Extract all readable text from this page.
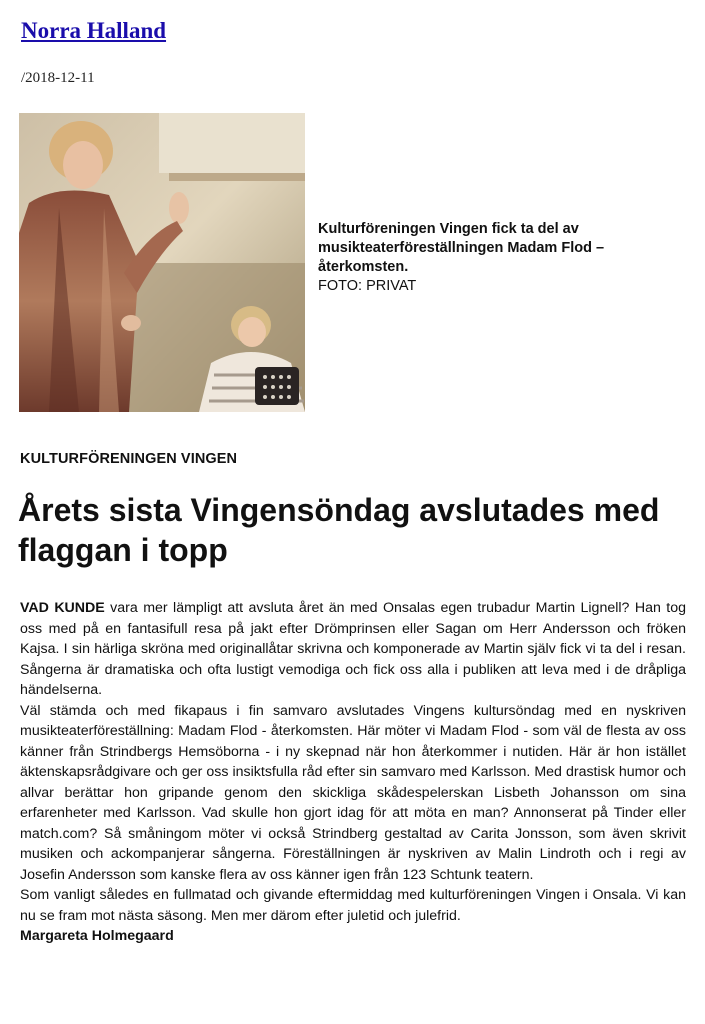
Norra Halland
/2018-12-11
Kulturföreningen Vingen fick ta del av musikteaterföreställningen Madam Flod – återkomsten.
FOTO: PRIVAT
KULTURFÖRENINGEN VINGEN
Årets sista Vingensöndag avslutades med flaggan i topp

VAD KUNDE vara mer lämpligt att avsluta året än med Onsalas egen trubadur Martin Lignell? Han tog oss med på en fantasifull resa på jakt efter Drömprinsen eller Sagan om Herr Andersson och fröken Kajsa. I sin härliga skröna med originallåtar skrivna och komponerade av Martin själv fick vi ta del i resan. Sångerna är dramatiska och ofta lustigt vemodiga och fick oss alla i publiken att leva med i de dråpliga händelserna.

Väl stämda och med fikapaus i fin samvaro avslutades Vingens kultursöndag med en nyskriven musikteaterföreställning: Madam Flod - återkomsten. Här möter vi Madam Flod - som väl de flesta av oss känner från Strindbergs Hemsöborna - i ny skepnad när hon återkommer i nutiden. Här är hon istället äktenskapsrådgivare och ger oss insiktsfulla råd efter sin samvaro med Karlsson. Med drastisk humor och allvar berättar hon gripande genom den skickliga skådespelerskan Lisbeth Johansson om sina erfarenheter med Karlsson. Vad skulle hon gjort idag för att möta en man? Annonserat på Tinder eller match.com? Så småningom möter vi också Strindberg gestaltad av Carita Jonsson, som även skrivit musiken och ackompanjerar sångerna. Föreställningen är nyskriven av Malin Lindroth och i regi av Josefin Andersson som kanske flera av oss känner igen från 123 Schtunk teatern.

Som vanligt således en fullmatad och givande eftermiddag med kulturföreningen Vingen i Onsala. Vi kan nu se fram mot nästa säsong. Men mer därom efter juletid och julefrid.

Margareta Holmegaard
